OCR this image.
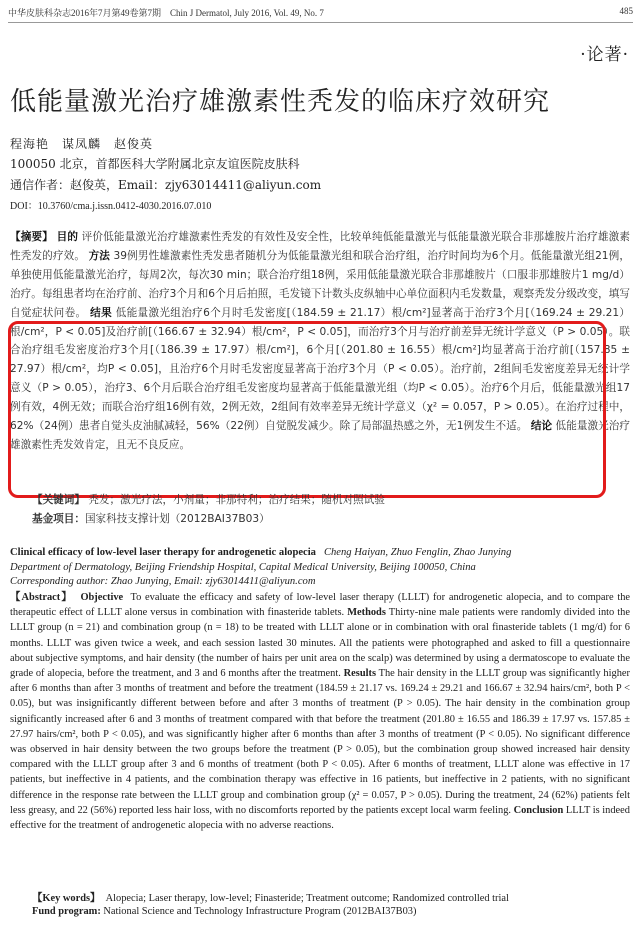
中华皮肤科杂志2016年7月第49卷第7期　Chin J Dermatol, July 2016, Vol. 49, No. 7	485
·论著·
低能量激光治疗雄激素性秃发的临床疗效研究
程海艳　谋凤麟　赵俊英
100050 北京，首都医科大学附属北京友谊医院皮肤科
通信作者：赵俊英，Email：zjy63014411@aliyun.com
DOI：10.3760/cma.j.issn.0412-4030.2016.07.010

【摘要】 目的 评价低能量激光治疗雄激素性秃发的有效性及安全性，比较单纯低能量激光与低能量激光联合非那雄胺片治疗雄激素性秃发的疗效。 方法 39例男性雄激素性秃发患者随机分为低能量激光组和联合治疗组，治疗时间均为6个月。低能量激光组21例，单独使用低能量激光治疗，每周2次，每次30 min；联合治疗组18例，采用低能量激光联合非那雄胺片（口服非那雄胺片1 mg/d）治疗。每组患者均在治疗前、治疗3个月和6个月后拍照，毛发镜下计数头皮纵轴中心单位面积内毛发数量，观察秃发分级改变，填写自觉症状问卷。 结果 低能量激光组治疗6个月时毛发密度[（184.59 ± 21.17）根/cm²]显著高于治疗3个月[（169.24 ± 29.21）根/cm²，P < 0.05]及治疗前[（166.67 ± 32.94）根/cm²，P < 0.05]，而治疗3个月与治疗前差异无统计学意义（P > 0.05）。联合治疗组毛发密度治疗3个月[（186.39 ± 17.97）根/cm²]，6个月[（201.80 ± 16.55）根/cm²]均显著高于治疗前[（157.85 ± 27.97）根/cm²，均P < 0.05]，且治疗6个月时毛发密度显著高于治疗3个月（P < 0.05）。治疗前，2组间毛发密度差异无统计学意义（P > 0.05），治疗3、6个月后联合治疗组毛发密度均显著高于低能量激光组（均P < 0.05）。治疗6个月后，低能量激光组17例有效，4例无效；而联合治疗组16例有效，2例无效，2组间有效率差异无统计学意义（χ² = 0.057，P > 0.05）。在治疗过程中，62%（24例）患者自觉头皮油腻减轻，56%（22例）自觉脱发减少。除了局部温热感之外，无1例发生不适。 结论 低能量激光治疗雄激素性秃发效肯定，且无不良反应。

【关键词】 秃发；激光疗法，小剂量；非那特利；治疗结果；随机对照试验
基金项目：国家科技支撑计划（2012BAI37B03）
Clinical efficacy of low-level laser therapy for androgenetic alopecia Cheng Haiyan, Zhuo Fenglin, Zhao Junying
Department of Dermatology, Beijing Friendship Hospital, Capital Medical University, Beijing 100050, China
Corresponding author: Zhao Junying, Email: zjy63014411@aliyun.com
【Abstract】 Objective To evaluate the efficacy and safety of low-level laser therapy (LLLT) for androgenetic alopecia, and to compare the therapeutic effect of LLLT alone versus in combination with finasteride tablets. Methods Thirty-nine male patients were randomly divided into the LLLT group (n = 21) and combination group (n = 18) to be treated with LLLT alone or in combination with oral finasteride tablets (1 mg/d) for 6 months. LLLT was given twice a week, and each session lasted 30 minutes. All the patients were photographed and asked to fill a questionnaire about subjective symptoms, and hair density (the number of hairs per unit area on the scalp) was determined by using a dermatoscope to evaluate the grade of alopecia, before the treatment, and 3 and 6 months after the treatment. Results The hair density in the LLLT group was significantly higher after 6 months than after 3 months of treatment and before the treatment (184.59 ± 21.17 vs. 169.24 ± 29.21 and 166.67 ± 32.94 hairs/cm², both P < 0.05), but was insignificantly different between before and after 3 months of treatment (P > 0.05). The hair density in the combination group significantly increased after 6 and 3 months of treatment compared with that before the treatment (201.80 ± 16.55 and 186.39 ± 17.97 vs. 157.85 ± 27.97 hairs/cm², both P < 0.05), and was significantly higher after 6 months than after 3 months of treatment (P < 0.05). No significant difference was observed in hair density between the two groups before the treatment (P > 0.05), but the combination group showed increased hair density compared with the LLLT group after 3 and 6 months of treatment (both P < 0.05). After 6 months of treatment, LLLT alone was effective in 17 patients, but ineffective in 4 patients, and the combination therapy was effective in 16 patients, but ineffective in 2 patients, with no significant difference in the response rate between the LLLT group and combination group (χ² = 0.057, P > 0.05). During the treatment, 24 (62%) patients felt less greasy, and 22 (56%) reported less hair loss, with no discomforts reported by the patients except local warm feeling. Conclusion LLLT is indeed effective for the treatment of androgenetic alopecia with no adverse reactions.
【Key words】 Alopecia; Laser therapy, low-level; Finasteride; Treatment outcome; Randomized controlled trial
Fund program: National Science and Technology Infrastructure Program (2012BAI37B03)
